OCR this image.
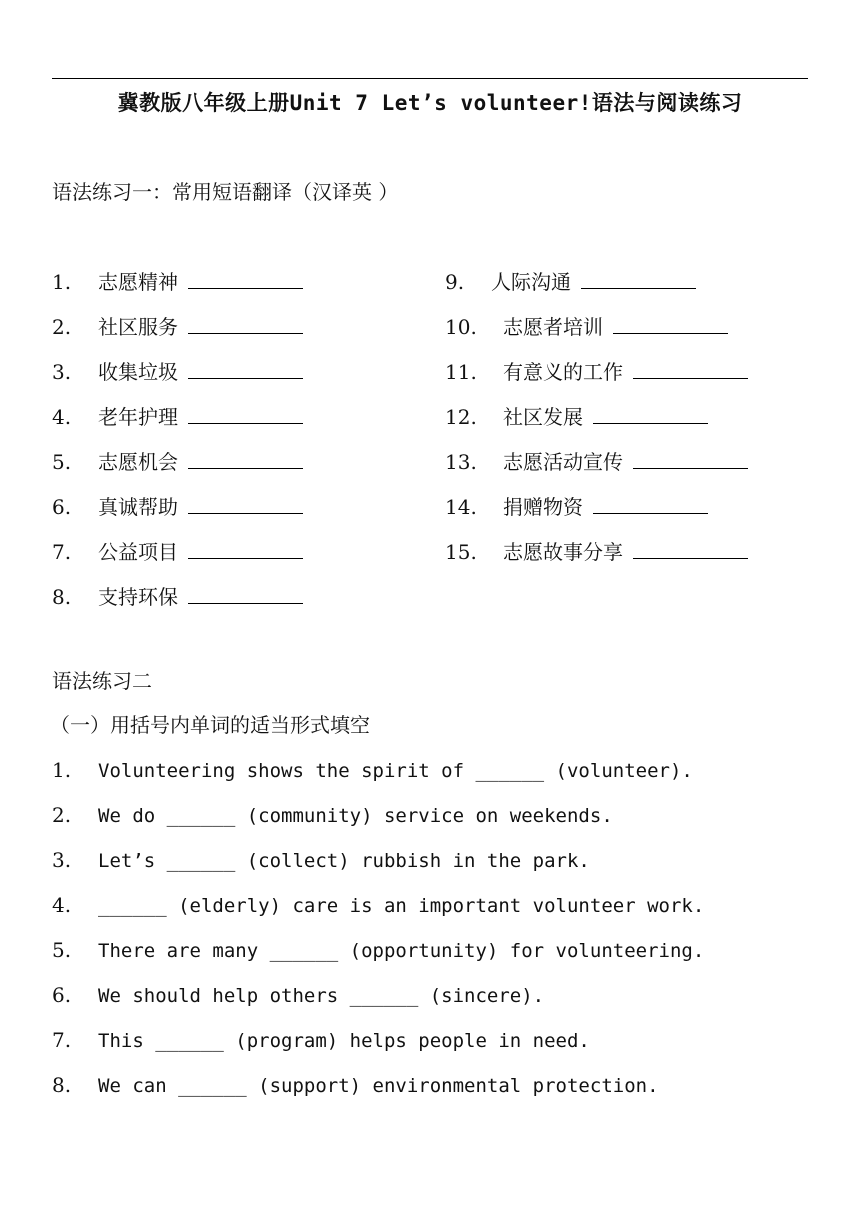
冀教版八年级上册Unit 7 Let’s volunteer!语法与阅读练习
语法练习一：常用短语翻译（汉译英 ）
1. 志愿精神
2. 社区服务
3. 收集垃圾
4. 老年护理
5. 志愿机会
6. 真诚帮助
7. 公益项目
8. 支持环保
9. 人际沟通
10. 志愿者培训
11. 有意义的工作
12. 社区发展
13. 志愿活动宣传
14. 捐赠物资
15. 志愿故事分享
语法练习二
（一）用括号内单词的适当形式填空
1. Volunteering shows the spirit of ______ (volunteer).
2. We do ______ (community) service on weekends.
3. Let’s ______ (collect) rubbish in the park.
4. ______ (elderly) care is an important volunteer work.
5. There are many ______ (opportunity) for volunteering.
6. We should help others ______ (sincere).
7. This ______ (program) helps people in need.
8. We can ______ (support) environmental protection.
